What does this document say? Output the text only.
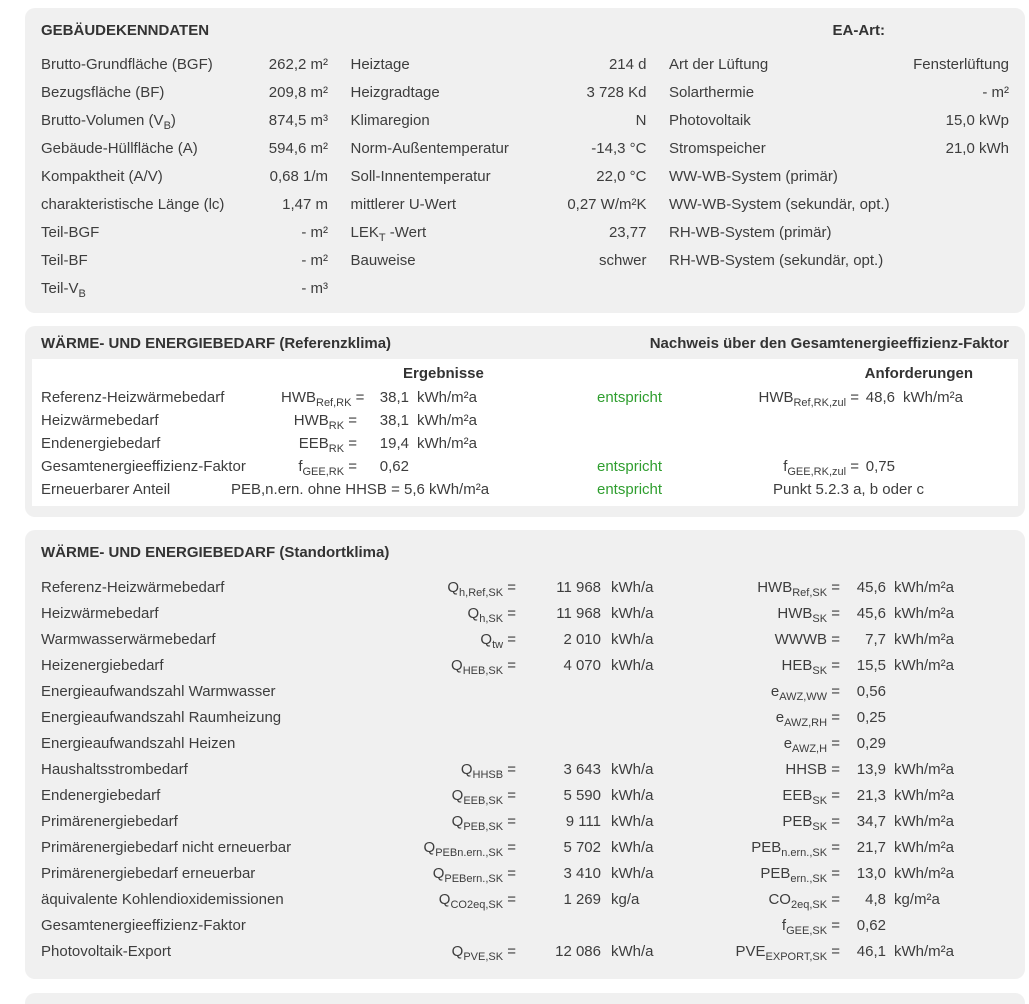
GEBÄUDEKENNDATEN	EA-Art:
Brutto-Grundfläche (BGF)	262,2 m²
Bezugsfläche (BF)	209,8 m²
Brutto-Volumen $(V_B)$	874,5 m³
Gebäude-Hüllfläche (A)	594,6 m²
Kompaktheit (A/V)	0,68 1/m
charakteristische Länge (lc)	1,47 m
Teil-BGF	- m²
Teil-BF	- m²
Teil-$V_B$	- m³
Heiztage	214 d
Heizgradtage	3 728 Kd
Klimaregion	N
Norm-Außentemperatur	-14,3 °C
Soll-Innentemperatur	22,0 °C
mittlerer U-Wert	0,27 W/m²K
$LEK_T$ -Wert	23,77
Bauweise	schwer
Art der Lüftung	Fensterlüftung
Solarthermie	- m²
Photovoltaik	15,0 kWp
Stromspeicher	21,0 kWh
WW-WB-System (primär)
WW-WB-System (sekundär, opt.)
RH-WB-System (primär)
RH-WB-System (sekundär, opt.)
WÄRME- UND ENERGIEBEDARF (Referenzklima)	Nachweis über den Gesamtenergieeffizienz-Faktor
Ergebnisse	Anforderungen
Referenz-Heizwärmebedarf	$HWB_{Ref,RK}$ =	38,1 kWh/m²a	entspricht	$HWB_{Ref,RK,zul} = 48,6$ kWh/m²a
Heizwärmebedarf	$HWB_{RK}$ =	38,1 kWh/m²a
Endenergiebedarf	$EEB_{RK}$ =	19,4 kWh/m²a
Gesamtenergieeffizienz-Faktor	$f_{GEE,RK}$ =	0,62	entspricht	$f_{GEE,RK,zul} = 0,75$
Erneuerbarer Anteil	PEB,n.ern. ohne HHSB = 5,6 kWh/m²a	entspricht	Punkt 5.2.3 a, b oder c
WÄRME- UND ENERGIEBEDARF (Standortklima)
Referenz-Heizwärmebedarf	$Q_{h,Ref,SK}$ =	11 968 kWh/a	$HWB_{Ref,SK}$ =	45,6 kWh/m²a
Heizwärmebedarf	$Q_{h,SK}$ =	11 968 kWh/a	$HWB_{SK}$ =	45,6 kWh/m²a
Warmwasserwärmebedarf	$Q_{tw}$ =	2 010 kWh/a	WWWB =	7,7 kWh/m²a
Heizenergiebedarf	$Q_{HEB,SK}$ =	4 070 kWh/a	$HEB_{SK}$ =	15,5 kWh/m²a
Energieaufwandszahl Warmwasser	$e_{AWZ,WW}$ =	0,56
Energieaufwandszahl Raumheizung	$e_{AWZ,RH}$ =	0,25
Energieaufwandszahl Heizen	$e_{AWZ,H}$ =	0,29
Haushaltsstrombedarf	$Q_{HHSB}$ =	3 643 kWh/a	HHSB =	13,9 kWh/m²a
Endenergiebedarf	$Q_{EEB,SK}$ =	5 590 kWh/a	$EEB_{SK}$ =	21,3 kWh/m²a
Primärenergiebedarf	$Q_{PEB,SK}$ =	9 111 kWh/a	$PEB_{SK}$ =	34,7 kWh/m²a
Primärenergiebedarf nicht erneuerbar	$Q_{PEBn.ern.,SK}$ =	5 702 kWh/a	$PEB_{n.ern.,SK}$ =	21,7 kWh/m²a
Primärenergiebedarf erneuerbar	$Q_{PEBern.,SK}$ =	3 410 kWh/a	$PEB_{ern.,SK}$ =	13,0 kWh/m²a
äquivalente Kohlendioxidemissionen	$Q_{CO2eq,SK}$ =	1 269 kg/a	$CO_{2eq,SK}$ =	4,8 kg/m²a
Gesamtenergieeffizienz-Faktor	$f_{GEE,SK}$ =	0,62
Photovoltaik-Export	$Q_{PVE,SK}$ =	12 086 kWh/a	$PVE_{EXPORT,SK}$ =	46,1 kWh/m²a
